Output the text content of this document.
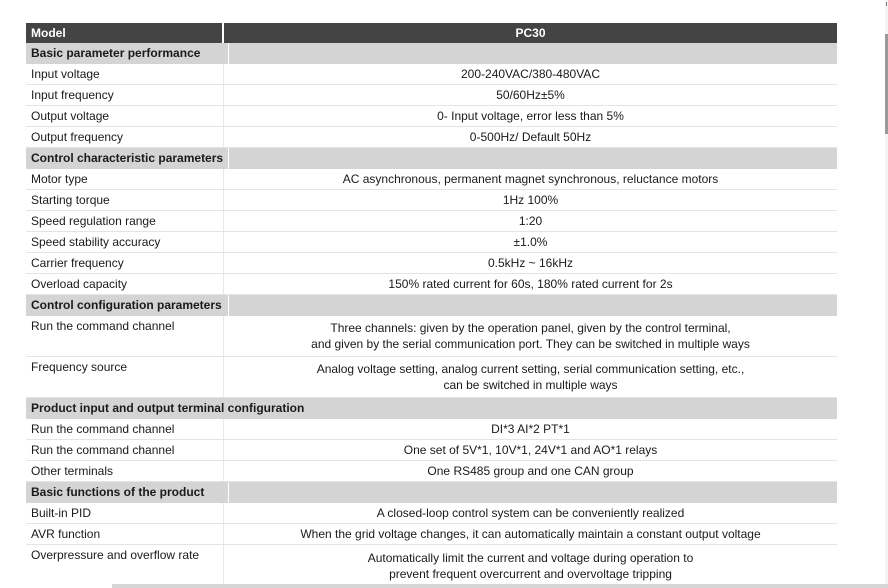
Model	PC30
Basic parameter performance
Input voltage	200-240VAC/380-480VAC
Input frequency	50/60Hz±5%
Output voltage	0- Input voltage, error less than 5%
Output frequency	0-500Hz/ Default 50Hz
Control characteristic parameters
Motor type	AC asynchronous, permanent magnet synchronous, reluctance motors
Starting torque	1Hz 100%
Speed regulation range	1:20
Speed stability accuracy	±1.0%
Carrier frequency	0.5kHz ~ 16kHz
Overload capacity	150% rated current for 60s, 180% rated current for 2s
Control configuration parameters
Run the command channel	Three channels: given by the operation panel, given by the control terminal,
and given by the serial communication port. They can be switched in multiple ways
Frequency source	Analog voltage setting, analog current setting, serial communication setting, etc.,
can be switched in multiple ways
Product input and output terminal configuration
Run the command channel	DI*3 AI*2 PT*1
Run the command channel	One set of 5V*1, 10V*1, 24V*1 and AO*1 relays
Other terminals	One RS485 group and one CAN group
Basic functions of the product
Built-in PID	A closed-loop control system can be conveniently realized
AVR function	When the grid voltage changes, it can automatically maintain a constant output voltage
Overpressure and overflow rate	Automatically limit the current and voltage during operation to
prevent frequent overcurrent and overvoltage tripping
